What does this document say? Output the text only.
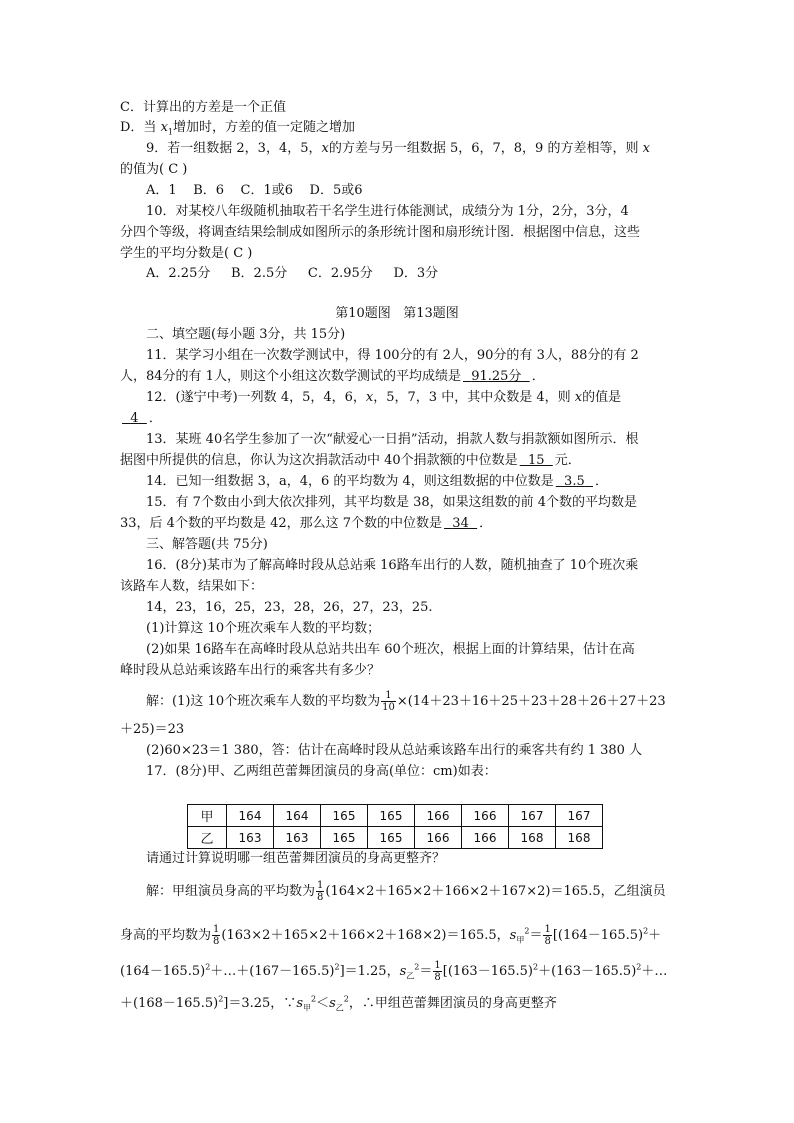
C．计算出的方差是一个正值
D．当 $x_1$增加时，方差的值一定随之增加
9．若一组数据 2，3，4，5，x的方差与另一组数据 5，6，7，8，9 的方差相等，则 x
的值为( C )
A．1    B．6    C．1或6    D．5或6
10．对某校八年级随机抽取若干名学生进行体能测试，成绩分为 1分，2分，3分，4
分四个等级，将调查结果绘制成如图所示的条形统计图和扇形统计图．根据图中信息，这些
学生的平均分数是( C )
A．2.25分     B．2.5分     C．2.95分     D．3分
第10题图   第13题图
二、填空题(每小题 3分，共 15分)
11．某学习小组在一次数学测试中，得 100分的有 2人，90分的有 3人，88分的有 2
人，84分的有 1人，则这个小组这次数学测试的平均成绩是 91.25分 ．
12．(遂宁中考)一列数 4，5，4，6，x，5，7，3 中，其中众数是 4，则 x的值是
4 ．
13．某班 40名学生参加了一次“献爱心一日捐”活动，捐款人数与捐款额如图所示．根
据图中所提供的信息，你认为这次捐款活动中 40个捐款额的中位数是 15 元．
14．已知一组数据 3，a，4，6 的平均数为 4，则这组数据的中位数是 3.5 ．
15．有 7个数由小到大依次排列，其平均数是 38，如果这组数的前 4个数的平均数是
33，后 4个数的平均数是 42，那么这 7个数的中位数是 34 ．
三、解答题(共 75分)
16．(8分)某市为了解高峰时段从总站乘 16路车出行的人数，随机抽查了 10个班次乘
该路车人数，结果如下：
14，23，16，25，23，28，26，27，23，25.
(1)计算这 10个班次乘车人数的平均数；
(2)如果 16路车在高峰时段从总站共出车 60个班次，根据上面的计算结果，估计在高
峰时段从总站乘该路车出行的乘客共有多少？
解：(1)这 10个班次乘车人数的平均数为 $\frac{1}{10} \times(14+23+16+25+23+28+26+27+23$
＋25)＝23
(2)60×23＝1 380，答：估计在高峰时段从总站乘该路车出行的乘客共有约 1 380 人
17．(8分)甲、乙两组芭蕾舞团演员的身高(单位：cm)如表：
甲	164	164	165	165	166	166	167	167
乙	163	163	165	165	166	166	168	168
请通过计算说明哪一组芭蕾舞团演员的身高更整齐？
解：甲组演员身高的平均数为 $\frac{1}{8} (164\times 2+165\times 2+166\times 2+167\times 2)=165.5$，乙组演员
身高的平均数为 $\frac{1}{8} (163\times 2+165\times 2+166\times 2+168\times 2)=165.5$，$s_甲^2= \frac{1}{8} [(164-165.5)^2+$
$(164-165.5)^2+\dots+(167-165.5)^2]=1.25$，$s_乙^2= \frac{1}{8}$ [$(163-165.5)^2+(163-165.5)^2+\dots$
$+(168-165.5)^2]=3.25$，$\because s_甲^2<s_乙^2$，∴甲组芭蕾舞团演员的身高更整齐
